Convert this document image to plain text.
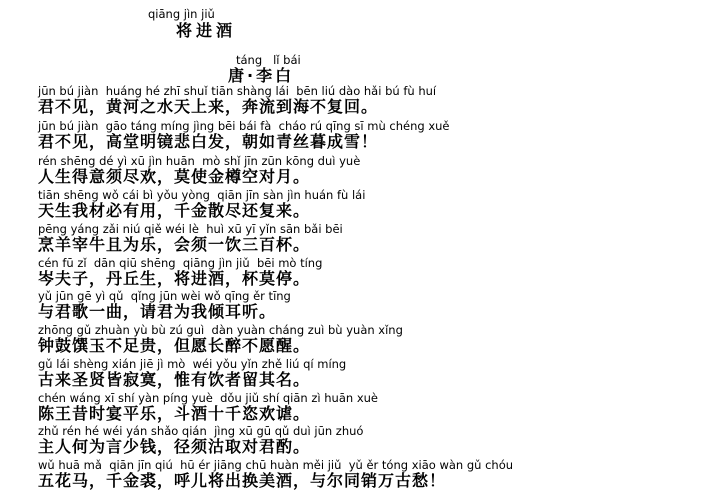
qiāng jìn jiǔ
将进酒
táng   lǐ bái
唐·李白
jūn bú jiàn  huáng hé zhī shuǐ tiān shàng lái  bēn liú dào hǎi bú fù huí
君不见，黄河之水天上来，奔流到海不复回。
jūn bú jiàn  gāo táng míng jìng bēi bái fà  cháo rú qīng sī mù chéng xuě
君不见，高堂明镜悲白发，朝如青丝暮成雪！
rén shēng dé yì xū jìn huān  mò shǐ jīn zūn kōng duì yuè
人生得意须尽欢，莫使金樽空对月。
tiān shēng wǒ cái bì yǒu yòng  qiān jīn sàn jìn huán fù lái
天生我材必有用，千金散尽还复来。
pēng yáng zǎi niú qiě wéi lè  huì xū yī yǐn sān bǎi bēi
烹羊宰牛且为乐，会须一饮三百杯。
cén fū zǐ  dān qiū shēng  qiāng jìn jiǔ  bēi mò tíng
岑夫子，丹丘生，将进酒，杯莫停。
yǔ jūn gē yì qǔ  qǐng jūn wèi wǒ qīng ěr tīng
与君歌一曲，请君为我倾耳听。
zhōng gǔ zhuàn yù bù zú guì  dàn yuàn cháng zuì bù yuàn xǐng
钟鼓馔玉不足贵，但愿长醉不愿醒。
gǔ lái shèng xián jiē jì mò  wéi yǒu yǐn zhě liú qí míng
古来圣贤皆寂寞，惟有饮者留其名。
chén wáng xī shí yàn píng yuè  dǒu jiǔ shí qiān zì huān xuè
陈王昔时宴平乐，斗酒十千恣欢谑。
zhǔ rén hé wéi yán shǎo qián  jìng xū gū qǔ duì jūn zhuó
主人何为言少钱，径须沽取对君酌。
wǔ huā mǎ  qiān jīn qiú  hū ér jiāng chū huàn měi jiǔ  yǔ ěr tóng xiāo wàn gǔ chóu
五花马，千金裘，呼儿将出换美酒，与尔同销万古愁！
